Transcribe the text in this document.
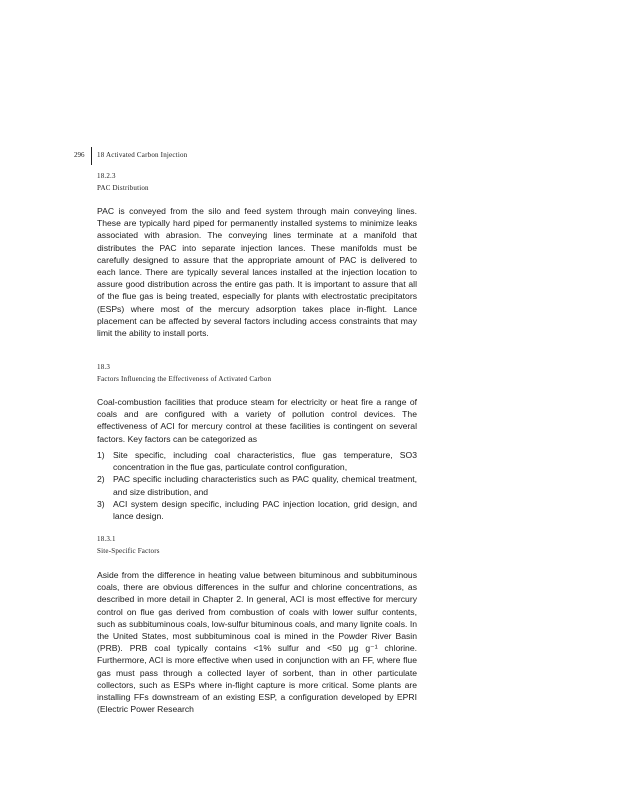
296 18 Activated Carbon Injection
18.2.3
PAC Distribution

PAC is conveyed from the silo and feed system through main conveying lines. These are typically hard piped for permanently installed systems to minimize leaks associated with abrasion. The conveying lines terminate at a manifold that distributes the PAC into separate injection lances. These manifolds must be carefully designed to assure that the appropriate amount of PAC is delivered to each lance. There are typically several lances installed at the injection location to assure good distribution across the entire gas path. It is important to assure that all of the flue gas is being treated, especially for plants with electrostatic precipitators (ESPs) where most of the mercury adsorption takes place in-flight. Lance placement can be affected by several factors including access constraints that may limit the ability to install ports.

18.3
Factors Influencing the Effectiveness of Activated Carbon

Coal-combustion facilities that produce steam for electricity or heat fire a range of coals and are configured with a variety of pollution control devices. The effectiveness of ACI for mercury control at these facilities is contingent on several factors. Key factors can be categorized as

1) Site specific, including coal characteristics, flue gas temperature, SO3 concentration in the flue gas, particulate control configuration,
2) PAC specific including characteristics such as PAC quality, chemical treatment, and size distribution, and
3) ACI system design specific, including PAC injection location, grid design, and lance design.
18.3.1
Site-Specific Factors

Aside from the difference in heating value between bituminous and subbituminous coals, there are obvious differences in the sulfur and chlorine concentrations, as described in more detail in Chapter 2. In general, ACI is most effective for mercury control on flue gas derived from combustion of coals with lower sulfur contents, such as subbituminous coals, low-sulfur bituminous coals, and many lignite coals. In the United States, most subbituminous coal is mined in the Powder River Basin (PRB). PRB coal typically contains <1% sulfur and <50 μg g⁻¹ chlorine. Furthermore, ACI is more effective when used in conjunction with an FF, where flue gas must pass through a collected layer of sorbent, than in other particulate collectors, such as ESPs where in-flight capture is more critical. Some plants are installing FFs downstream of an existing ESP, a configuration developed by EPRI (Electric Power Research
